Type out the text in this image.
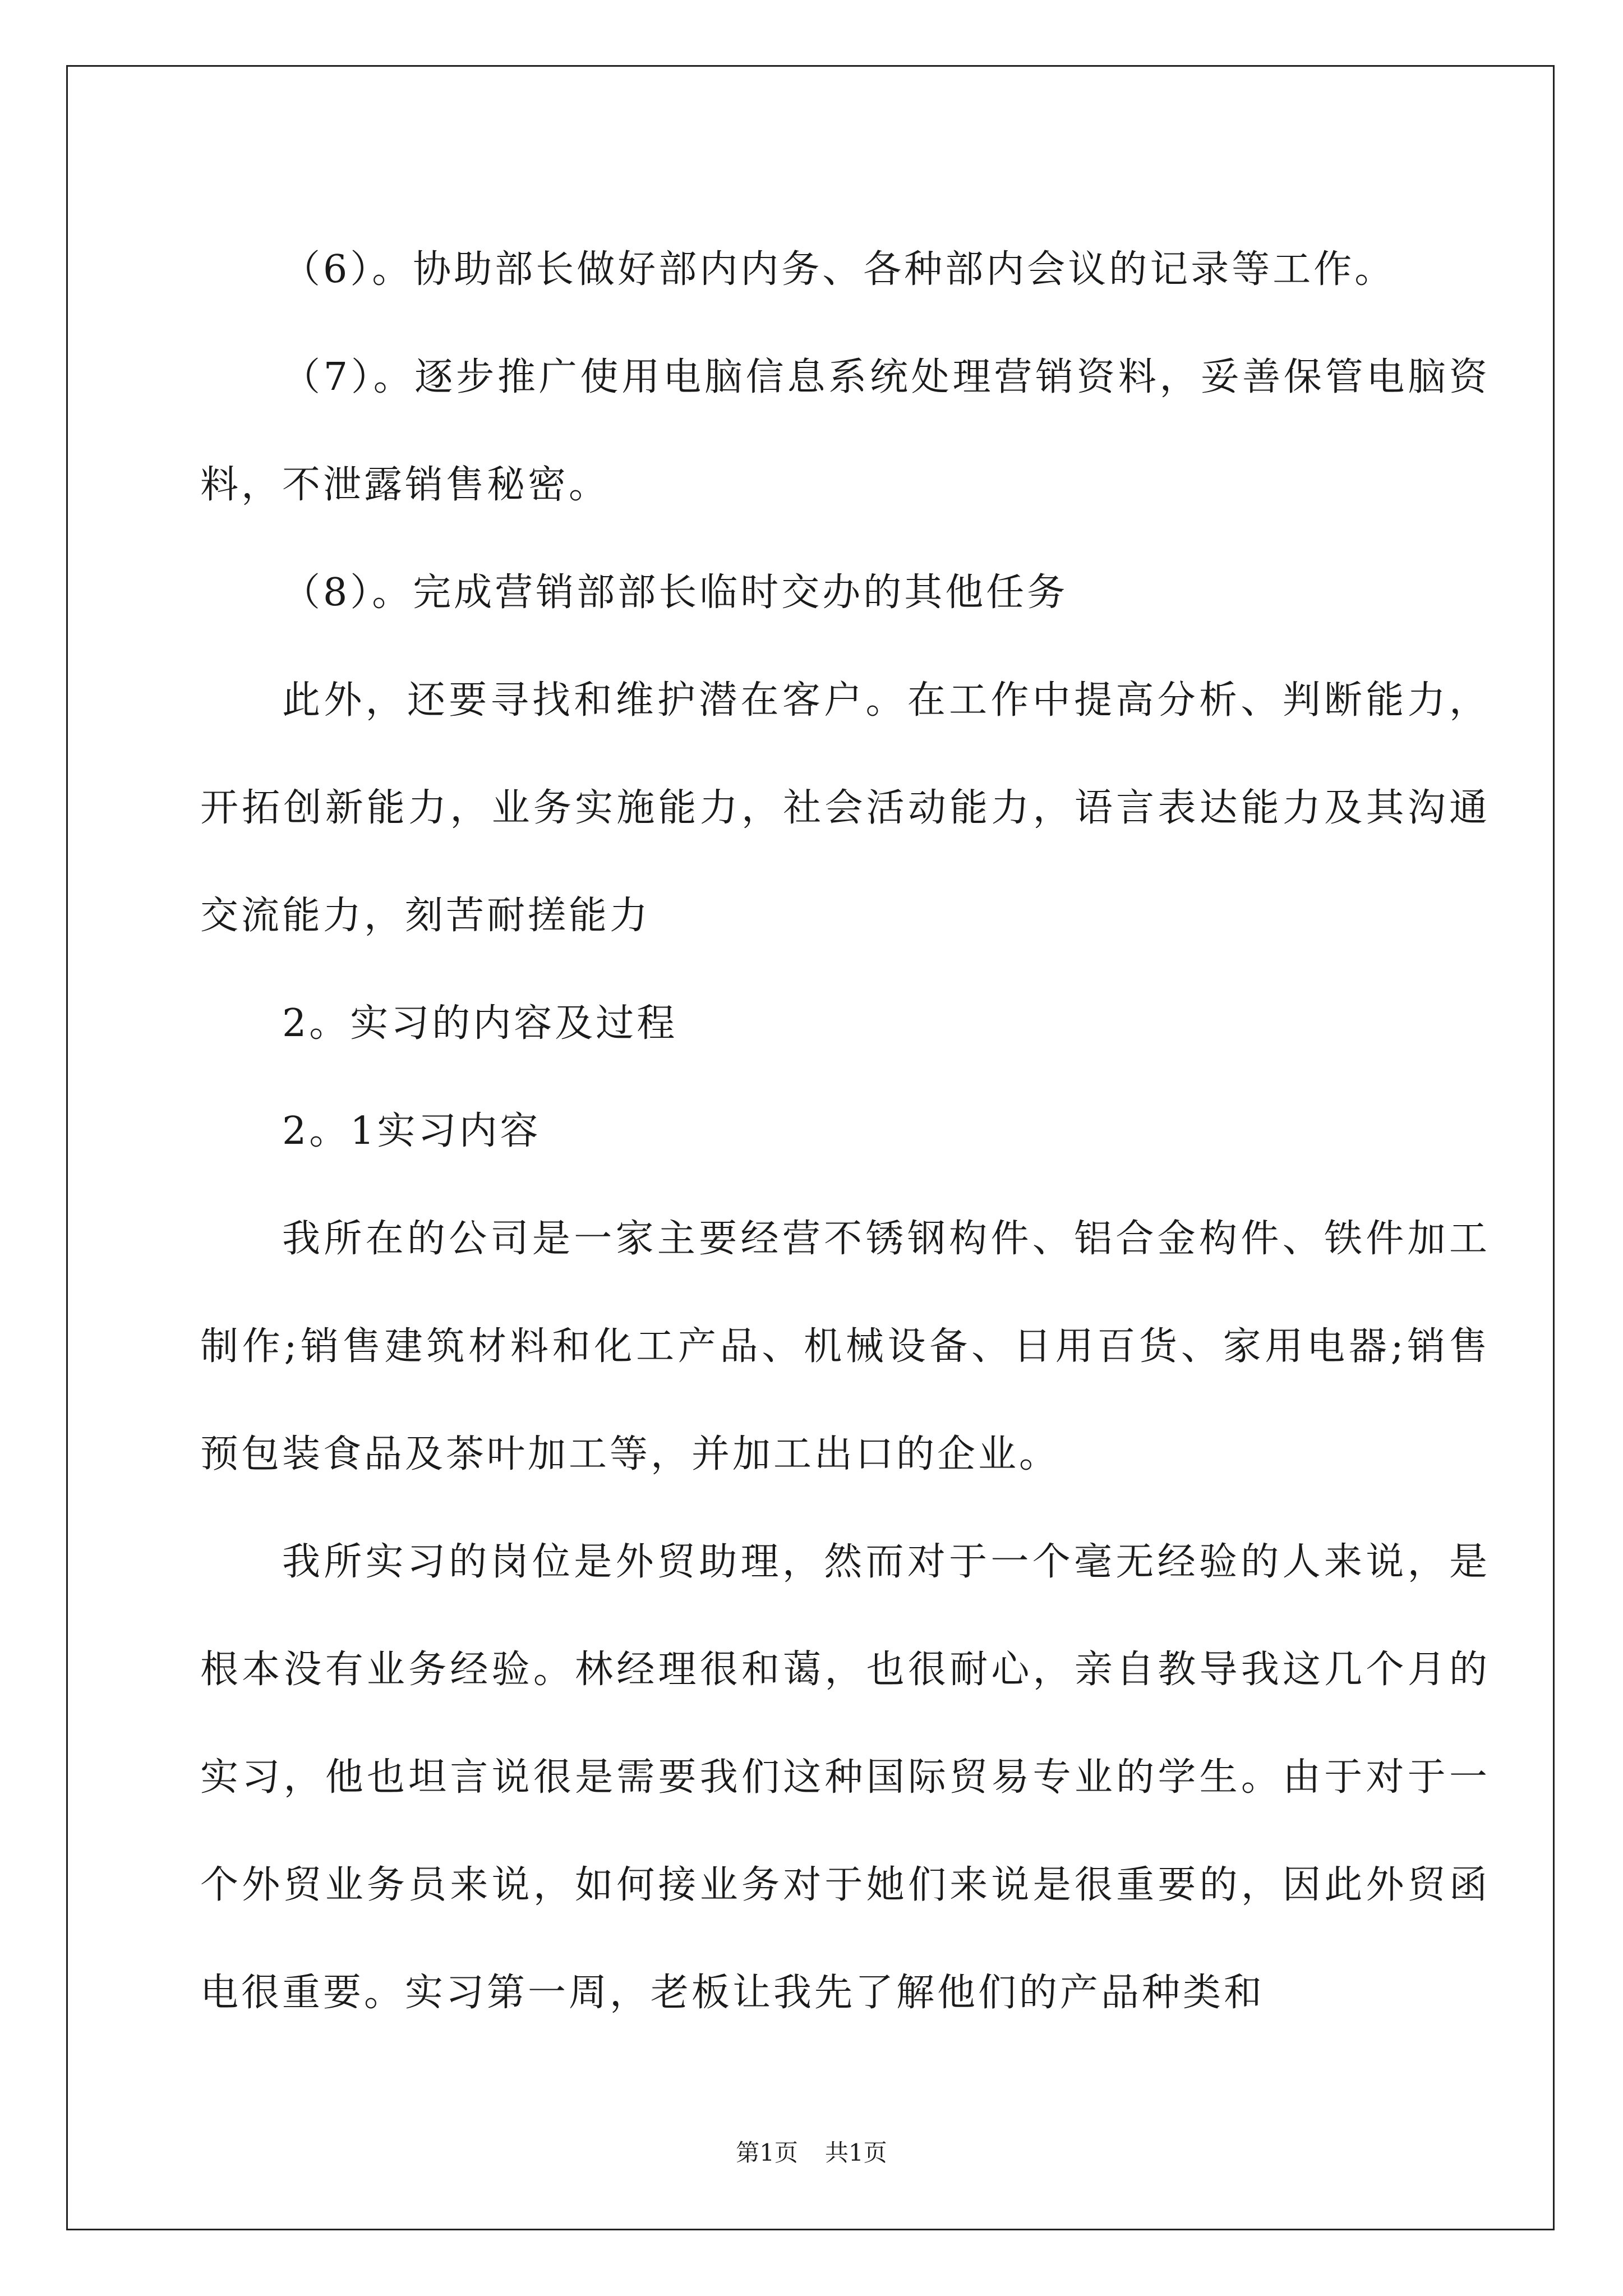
（6）。协助部长做好部内内务、各种部内会议的记录等工作。

（7）。逐步推广使用电脑信息系统处理营销资料，妥善保管电脑资料，不泄露销售秘密。

（8）。完成营销部部长临时交办的其他任务

此外，还要寻找和维护潜在客户。在工作中提高分析、判断能力，开拓创新能力，业务实施能力，社会活动能力，语言表达能力及其沟通交流能力，刻苦耐搓能力

2。实习的内容及过程

2。1实习内容

我所在的公司是一家主要经营不锈钢构件、铝合金构件、铁件加工制作;销售建筑材料和化工产品、机械设备、日用百货、家用电器;销售预包装食品及茶叶加工等，并加工出口的企业。

我所实习的岗位是外贸助理，然而对于一个毫无经验的人来说，是根本没有业务经验。林经理很和蔼，也很耐心，亲自教导我这几个月的实习，他也坦言说很是需要我们这种国际贸易专业的学生。由于对于一个外贸业务员来说，如何接业务对于她们来说是很重要的，因此外贸函电很重要。实习第一周，老板让我先了解他们的产品种类和

第1页 共1页
